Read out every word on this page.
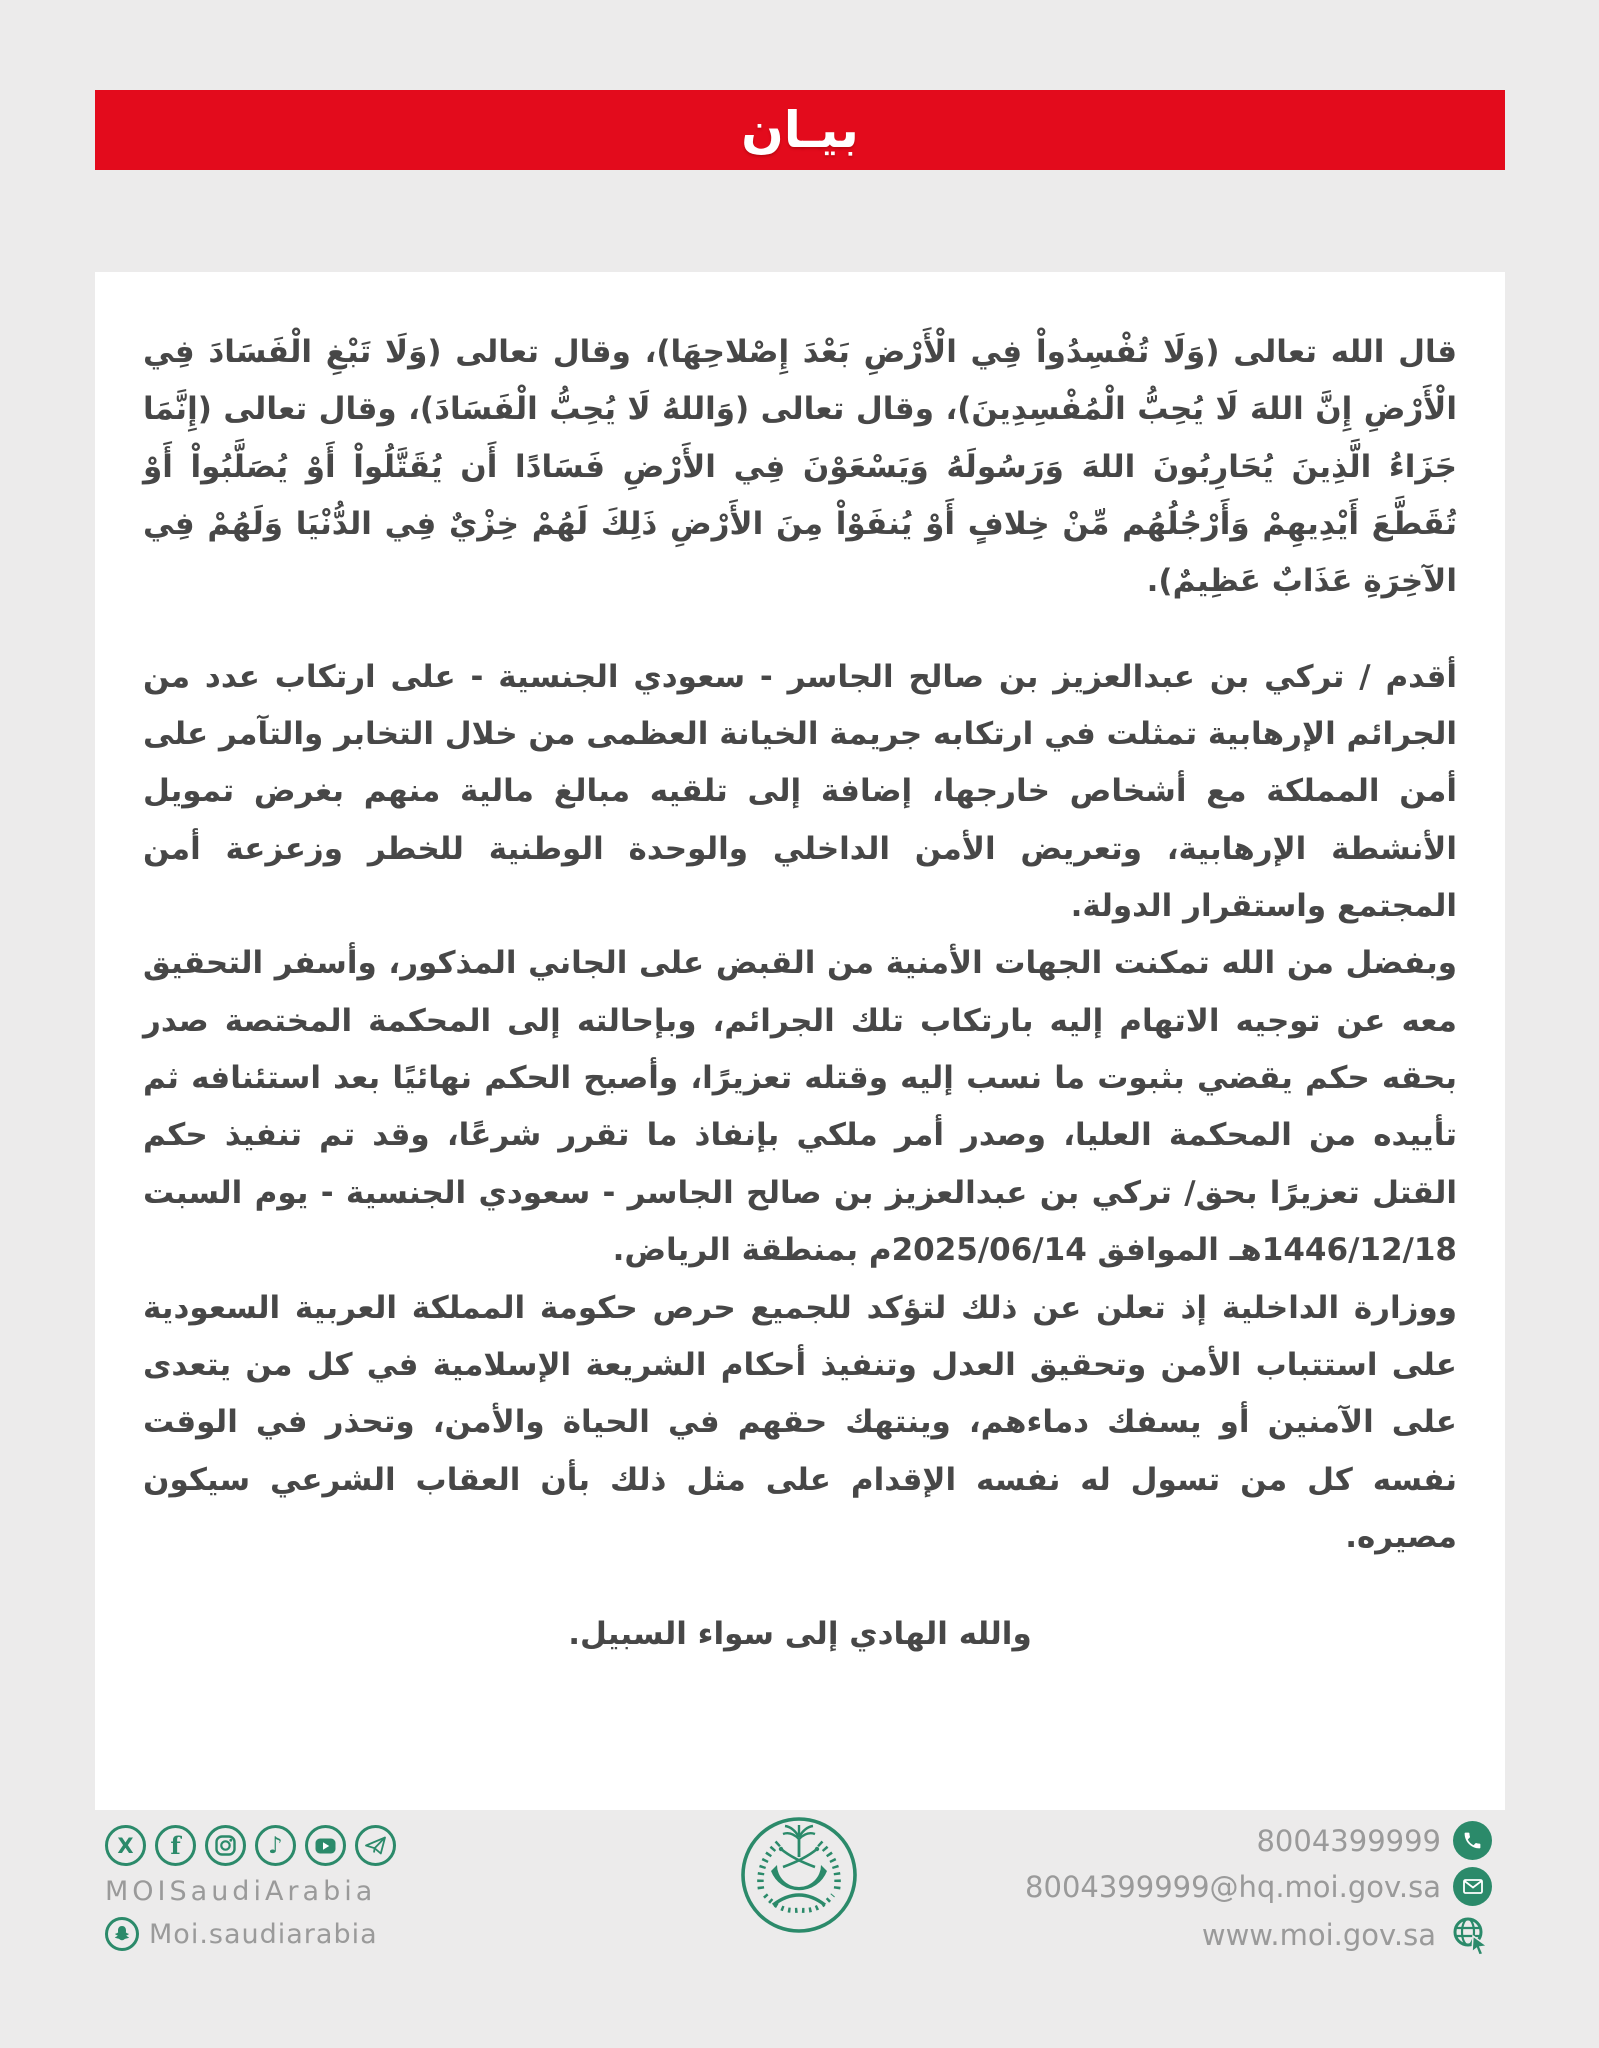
بيـان

قال الله تعالى (وَلَا تُفْسِدُواْ فِي الْأَرْضِ بَعْدَ إِصْلاحِهَا)، وقال تعالى (وَلَا تَبْغِ الْفَسَادَ فِي الْأَرْضِ إِنَّ اللهَ لَا يُحِبُّ الْمُفْسِدِينَ)، وقال تعالى (وَاللهُ لَا يُحِبُّ الْفَسَادَ)، وقال تعالى (إِنَّمَا جَزَاءُ الَّذِينَ يُحَارِبُونَ اللهَ وَرَسُولَهُ وَيَسْعَوْنَ فِي الأَرْضِ فَسَادًا أَن يُقَتَّلُواْ أَوْ يُصَلَّبُواْ أَوْ تُقَطَّعَ أَيْدِيهِمْ وَأَرْجُلُهُم مِّنْ خِلافٍ أَوْ يُنفَوْاْ مِنَ الأَرْضِ ذَلِكَ لَهُمْ خِزْيٌ فِي الدُّنْيَا وَلَهُمْ فِي الآخِرَةِ عَذَابٌ عَظِيمٌ).

أقدم / تركي بن عبدالعزيز بن صالح الجاسر - سعودي الجنسية - على ارتكاب عدد من الجرائم الإرهابية تمثلت في ارتكابه جريمة الخيانة العظمى من خلال التخابر والتآمر على أمن المملكة مع أشخاص خارجها، إضافة إلى تلقيه مبالغ مالية منهم بغرض تمويل الأنشطة الإرهابية، وتعريض الأمن الداخلي والوحدة الوطنية للخطر وزعزعة أمن المجتمع واستقرار الدولة.

وبفضل من الله تمكنت الجهات الأمنية من القبض على الجاني المذكور، وأسفر التحقيق معه عن توجيه الاتهام إليه بارتكاب تلك الجرائم، وبإحالته إلى المحكمة المختصة صدر بحقه حكم يقضي بثبوت ما نسب إليه وقتله تعزيرًا، وأصبح الحكم نهائيًا بعد استئنافه ثم تأييده من المحكمة العليا، وصدر أمر ملكي بإنفاذ ما تقرر شرعًا، وقد تم تنفيذ حكم القتل تعزيرًا بحق/ تركي بن عبدالعزيز بن صالح الجاسر - سعودي الجنسية - يوم السبت 1446/12/18هـ الموافق 2025/06/14م بمنطقة الرياض.

ووزارة الداخلية إذ تعلن عن ذلك لتؤكد للجميع حرص حكومة المملكة العربية السعودية على استتباب الأمن وتحقيق العدل وتنفيذ أحكام الشريعة الإسلامية في كل من يتعدى على الآمنين أو يسفك دماءهم، وينتهك حقهم في الحياة والأمن، وتحذر في الوقت نفسه كل من تسول له نفسه الإقدام على مثل ذلك بأن العقاب الشرعي سيكون مصيره.

والله الهادي إلى سواء السبيل.

X f	♪
MOISaudiArabia
Moi.saudiarabia
8004399999
8004399999@hq.moi.gov.sa
www.moi.gov.sa
